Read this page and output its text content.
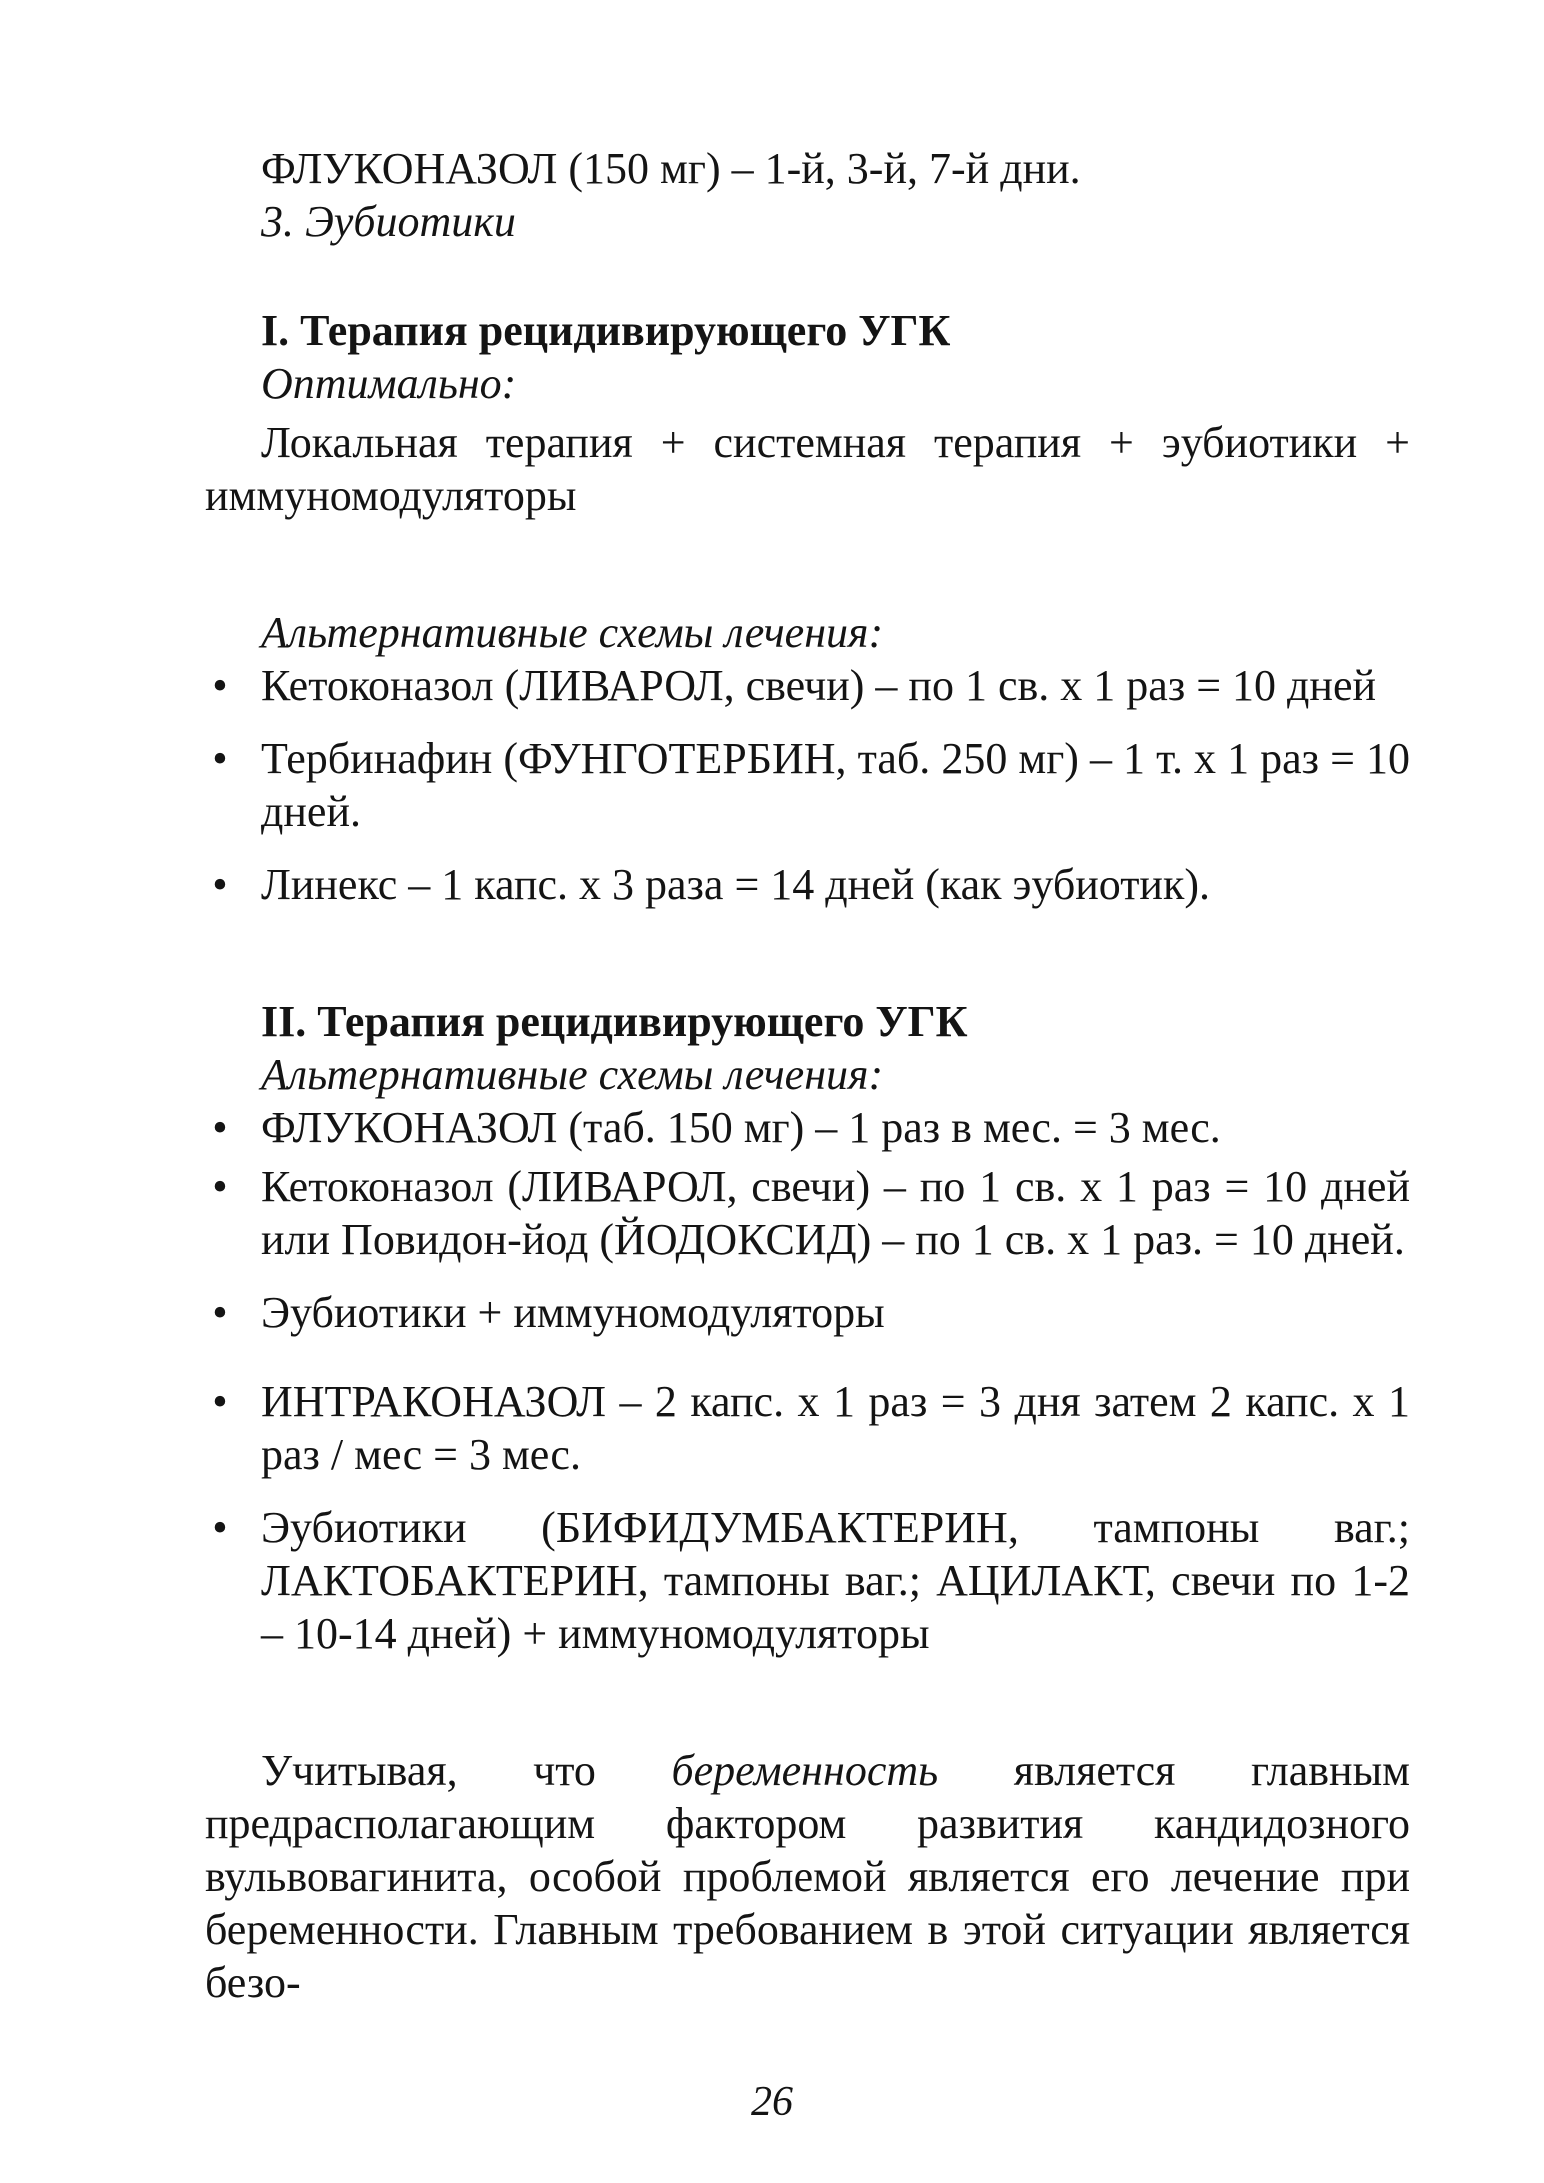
ФЛУКОНАЗОЛ (150 мг) – 1-й, 3-й, 7-й дни.
3. Эубиотики
I. Терапия рецидивирующего УГК
Оптимально:
Локальная терапия + системная терапия + эубиотики + иммуномодуляторы
Альтернативные схемы лечения:
• Кетоконазол (ЛИВАРОЛ, свечи) – по 1 св. х 1 раз = 10 дней
• Тербинафин (ФУНГОТЕРБИН, таб. 250 мг) – 1 т. х 1 раз = 10 дней.
• Линекс – 1 капс. х 3 раза = 14 дней (как эубиотик).
II. Терапия рецидивирующего УГК
Альтернативные схемы лечения:
• ФЛУКОНАЗОЛ (таб. 150 мг) – 1 раз в мес. = 3 мес.
• Кетоконазол (ЛИВАРОЛ, свечи) – по 1 св. х 1 раз = 10 дней или Повидон-йод (ЙОДОКСИД) – по 1 св. х 1 раз. = 10 дней.
• Эубиотики + иммуномодуляторы
• ИНТРАКОНАЗОЛ – 2 капс. х 1 раз = 3 дня затем 2 капс. х 1 раз / мес = 3 мес.
• Эубиотики (БИФИДУМБАКТЕРИН, тампоны ваг.; ЛАКТОБАКТЕРИН, тампоны ваг.; АЦИЛАКТ, свечи по 1-2 – 10-14 дней) + иммуномодуляторы
Учитывая, что беременность является главным предрасполагающим фактором развития кандидозного вульвовагинита, особой проблемой является его лечение при беременности. Главным требованием в этой ситуации является безо-
26
